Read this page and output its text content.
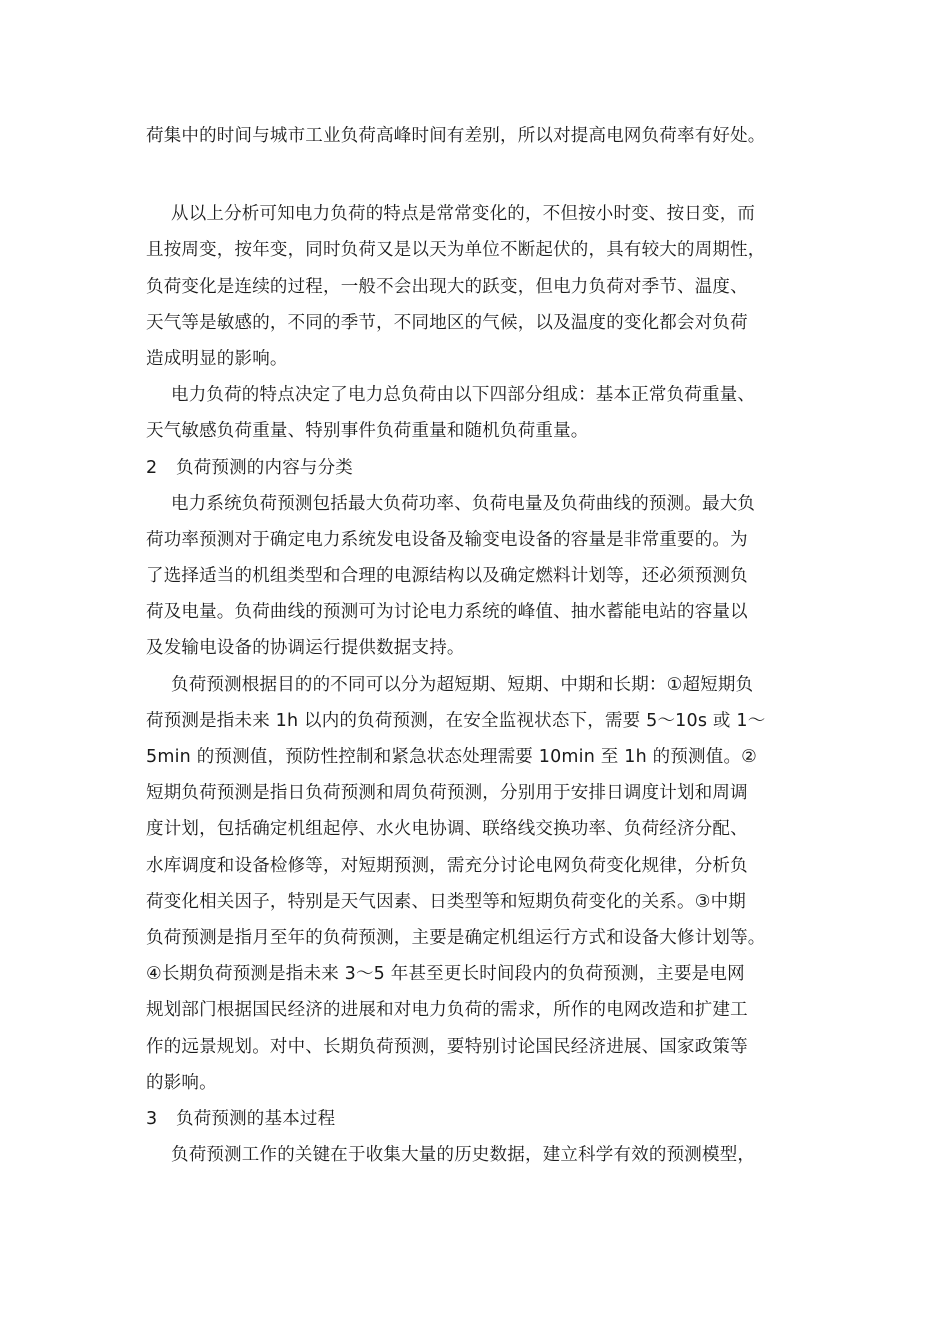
荷集中的时间与城市工业负荷高峰时间有差别，所以对提高电网负荷率有好处。
从以上分析可知电力负荷的特点是常常变化的，不但按小时变、按日变，而
且按周变，按年变，同时负荷又是以天为单位不断起伏的，具有较大的周期性，
负荷变化是连续的过程，一般不会出现大的跃变，但电力负荷对季节、温度、
天气等是敏感的，不同的季节，不同地区的气候，以及温度的变化都会对负荷
造成明显的影响。
电力负荷的特点决定了电力总负荷由以下四部分组成：基本正常负荷重量、
天气敏感负荷重量、特别事件负荷重量和随机负荷重量。
2 负荷预测的内容与分类
电力系统负荷预测包括最大负荷功率、负荷电量及负荷曲线的预测。最大负
荷功率预测对于确定电力系统发电设备及输变电设备的容量是非常重要的。为
了选择适当的机组类型和合理的电源结构以及确定燃料计划等，还必须预测负
荷及电量。负荷曲线的预测可为讨论电力系统的峰值、抽水蓄能电站的容量以
及发输电设备的协调运行提供数据支持。
负荷预测根据目的的不同可以分为超短期、短期、中期和长期：①超短期负
荷预测是指未来 1h 以内的负荷预测，在安全监视状态下，需要 5～10s 或 1～
5min 的预测值，预防性控制和紧急状态处理需要 10min 至 1h 的预测值。②
短期负荷预测是指日负荷预测和周负荷预测，分别用于安排日调度计划和周调
度计划，包括确定机组起停、水火电协调、联络线交换功率、负荷经济分配、
水库调度和设备检修等，对短期预测，需充分讨论电网负荷变化规律，分析负
荷变化相关因子，特别是天气因素、日类型等和短期负荷变化的关系。③中期
负荷预测是指月至年的负荷预测，主要是确定机组运行方式和设备大修计划等。
④长期负荷预测是指未来 3～5 年甚至更长时间段内的负荷预测，主要是电网
规划部门根据国民经济的进展和对电力负荷的需求，所作的电网改造和扩建工
作的远景规划。对中、长期负荷预测，要特别讨论国民经济进展、国家政策等
的影响。
3 负荷预测的基本过程
负荷预测工作的关键在于收集大量的历史数据，建立科学有效的预测模型，
